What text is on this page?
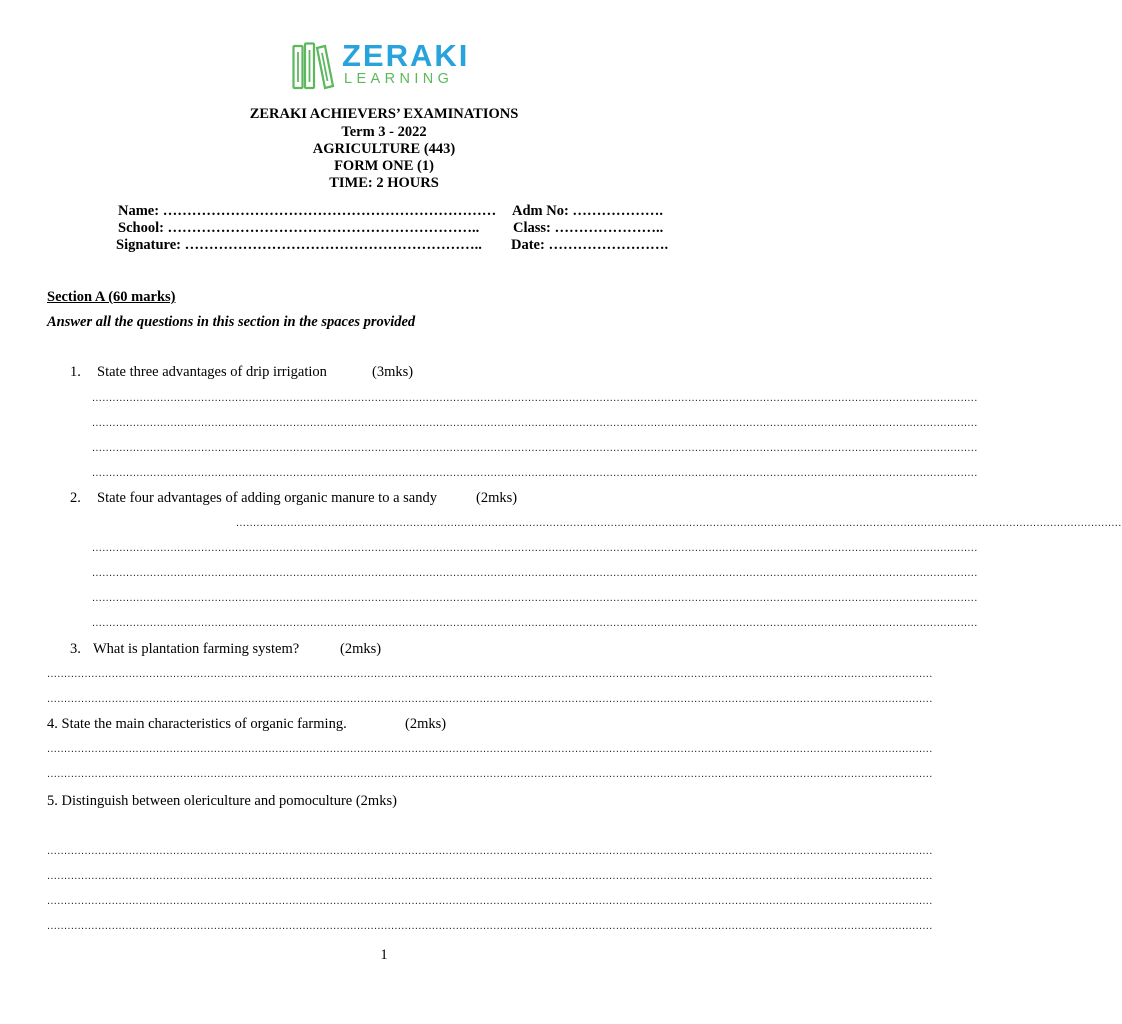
ZERAKI
LEARNING
ZERAKI ACHIEVERS’ EXAMINATIONS
Term 3 - 2022
AGRICULTURE (443)
FORM ONE (1)
TIME: 2 HOURS
Name: …………………………………………………………… Adm No: ……………….
School: ……………………………………………………….. Class: …………………..
Signature: …………………………………………………….. Date: …………………….
Section A (60 marks)
Answer all the questions in this section in the spaces provided
1. State three advantages of drip irrigation	(3mks)
....................................................................................................................................................................................................................................................................
....................................................................................................................................................................................................................................................................
....................................................................................................................................................................................................................................................................
....................................................................................................................................................................................................................................................................
2. State four advantages of adding organic manure to a sandy	(2mks)
....................................................................................................................................................................................................................................................................
....................................................................................................................................................................................................................................................................
....................................................................................................................................................................................................................................................................
....................................................................................................................................................................................................................................................................
....................................................................................................................................................................................................................................................................
3. What is plantation farming system?	(2mks)
....................................................................................................................................................................................................................................................................
....................................................................................................................................................................................................................................................................
4. State the main characteristics of organic farming.	(2mks)
....................................................................................................................................................................................................................................................................
....................................................................................................................................................................................................................................................................
5. Distinguish between olericulture and pomoculture (2mks)
....................................................................................................................................................................................................................................................................
....................................................................................................................................................................................................................................................................
....................................................................................................................................................................................................................................................................
....................................................................................................................................................................................................................................................................
1
